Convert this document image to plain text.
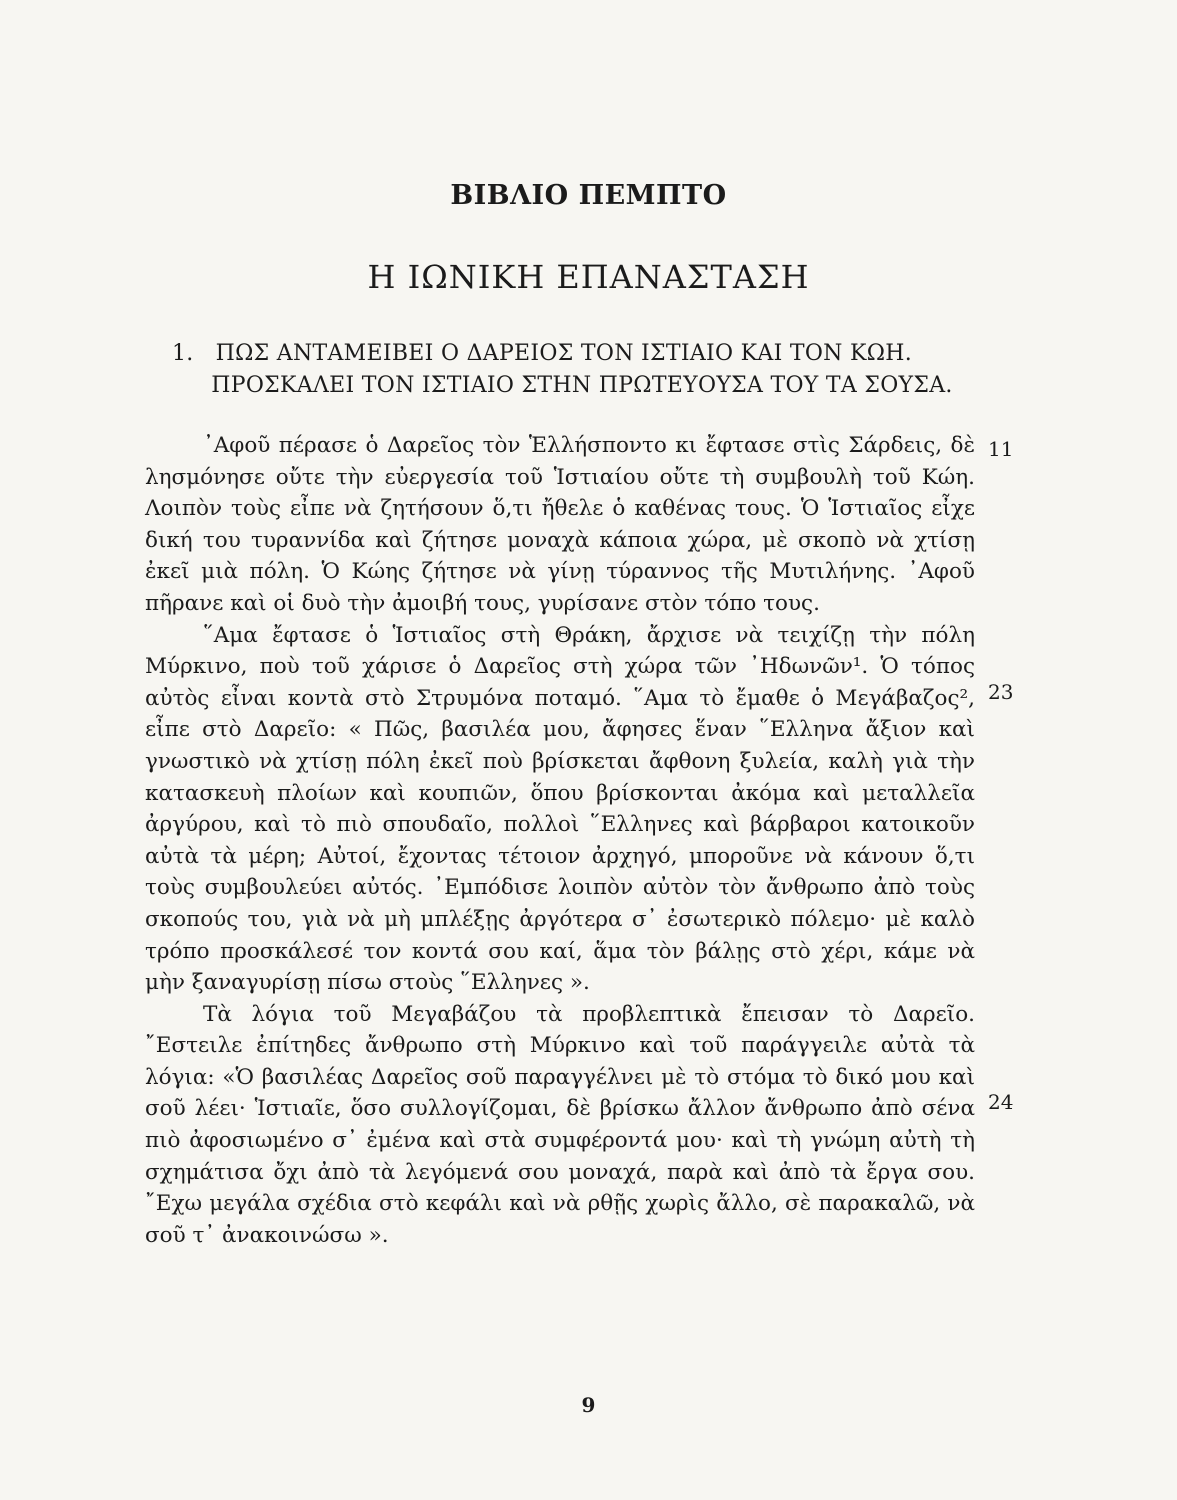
ΒΙΒΛΙΟ ΠΕΜΠΤΟ
Η ΙΩΝΙΚΗ ΕΠΑΝΑΣΤΑΣΗ
1. ΠΩΣ ΑΝΤΑΜΕΙΒΕΙ Ο ΔΑΡΕΙΟΣ ΤΟΝ ΙΣΤΙΑΙΟ ΚΑΙ ΤΟΝ ΚΩΗ.
ΠΡΟΣΚΑΛΕΙ ΤΟΝ ΙΣΤΙΑΙΟ ΣΤΗΝ ΠΡΩΤΕΥΟΥΣΑ ΤΟΥ ΤΑ ΣΟΥΣΑ.

᾿Αφοῦ πέρασε ὁ Δαρεῖος τὸν Ἑλλήσποντο κι ἔφτασε στὶς Σάρδεις, δὲ λησμόνησε οὔτε τὴν εὐεργεσία τοῦ Ἱστιαίου οὔτε τὴ συμβουλὴ τοῦ Κώη. Λοιπὸν τοὺς εἶπε νὰ ζητήσουν ὅ,τι ἤθελε ὁ καθένας τους. Ὁ Ἱστιαῖος εἶχε δική του τυραννίδα καὶ ζήτησε μοναχὰ κάποια χώρα, μὲ σκοπὸ νὰ χτίσῃ ἐκεῖ μιὰ πόλη. Ὁ Κώης ζήτησε νὰ γίνῃ τύραννος τῆς Μυτιλήνης. ᾿Αφοῦ πῆρανε καὶ οἱ δυὸ τὴν ἀμοιβή τους, γυρίσανε στὸν τόπο τους.

῞Αμα ἔφτασε ὁ Ἱστιαῖος στὴ Θράκη, ἄρχισε νὰ τειχίζῃ τὴν πόλη Μύρκινο, ποὺ τοῦ χάρισε ὁ Δαρεῖος στὴ χώρα τῶν ᾿Ηδωνῶν¹. Ὁ τόπος αὐτὸς εἶναι κοντὰ στὸ Στρυμόνα ποταμό. ῞Αμα τὸ ἔμαθε ὁ Μεγάβαζος², εἶπε στὸ Δαρεῖο: « Πῶς, βασιλέα μου, ἄφησες ἕναν ῞Ελληνα ἄξιον καὶ γνωστικὸ νὰ χτίσῃ πόλη ἐκεῖ ποὺ βρίσκεται ἄφθονη ξυλεία, καλὴ γιὰ τὴν κατασκευὴ πλοίων καὶ κουπιῶν, ὅπου βρίσκονται ἀκόμα καὶ μεταλλεῖα ἀργύρου, καὶ τὸ πιὸ σπουδαῖο, πολλοὶ ῞Ελληνες καὶ βάρβαροι κατοικοῦν αὐτὰ τὰ μέρη; Αὐτοί, ἔχοντας τέτοιον ἀρχηγό, μποροῦνε νὰ κάνουν ὅ,τι τοὺς συμβουλεύει αὐτός. ᾿Εμπόδισε λοιπὸν αὐτὸν τὸν ἄνθρωπο ἀπὸ τοὺς σκοπούς του, γιὰ νὰ μὴ μπλέξῃς ἀργότερα σ᾿ ἐσωτερικὸ πόλεμο· μὲ καλὸ τρόπο προσκάλεσέ τον κοντά σου καί, ἅμα τὸν βάλῃς στὸ χέρι, κάμε νὰ μὴν ξαναγυρίσῃ πίσω στοὺς ῞Ελληνες ».

Τὰ λόγια τοῦ Μεγαβάζου τὰ προβλεπτικὰ ἔπεισαν τὸ Δαρεῖο. ῎Εστειλε ἐπίτηδες ἄνθρωπο στὴ Μύρκινο καὶ τοῦ παράγγειλε αὐτὰ τὰ λόγια: «Ὁ βασιλέας Δαρεῖος σοῦ παραγγέλνει μὲ τὸ στόμα τὸ δικό μου καὶ σοῦ λέει· Ἱστιαῖε, ὅσο συλλογίζομαι, δὲ βρίσκω ἄλλον ἄνθρωπο ἀπὸ σένα πιὸ ἀφοσιωμένο σ᾿ ἐμένα καὶ στὰ συμφέροντά μου· καὶ τὴ γνώμη αὐτὴ τὴ σχημάτισα ὄχι ἀπὸ τὰ λεγόμενά σου μοναχά, παρὰ καὶ ἀπὸ τὰ ἔργα σου. ῎Εχω μεγάλα σχέδια στὸ κεφάλι καὶ νὰ ρθῇς χωρὶς ἄλλο, σὲ παρακαλῶ, νὰ σοῦ τ᾿ ἀνακοινώσω ».

11
23
24
9
